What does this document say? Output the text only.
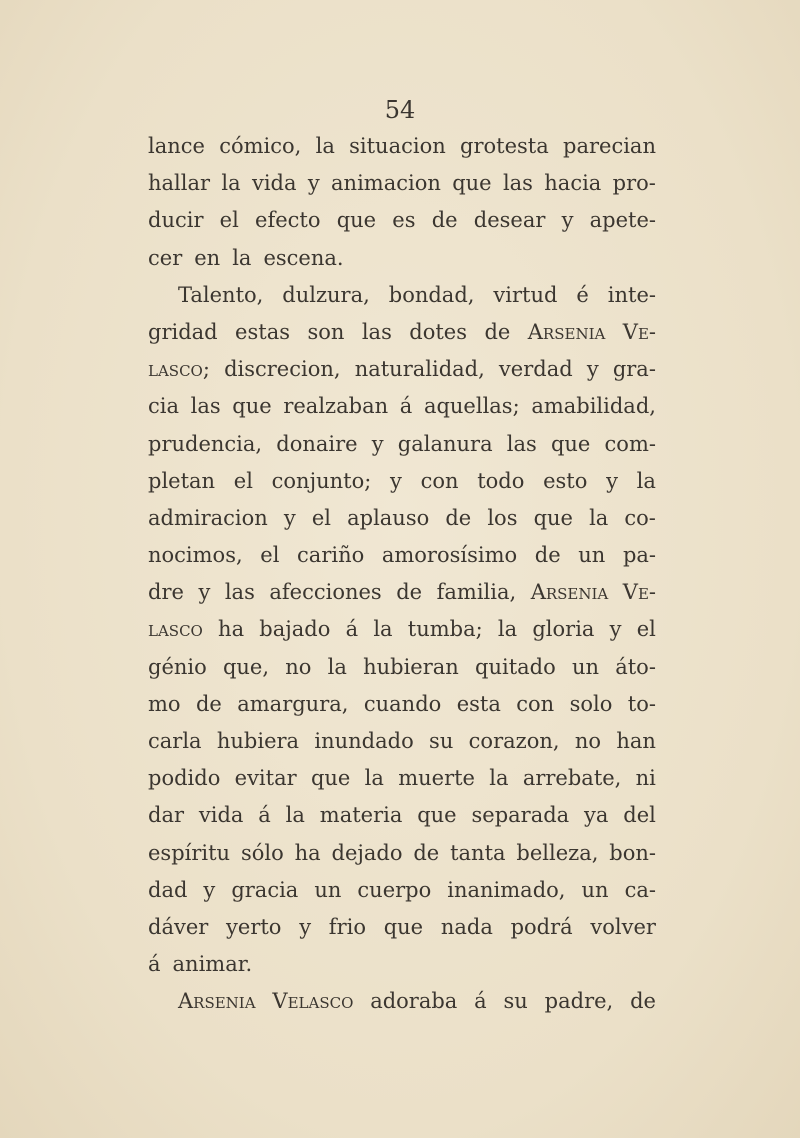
54
lance cómico, la situacion grotesta parecian
hallar la vida y animacion que las hacia pro-
ducir el efecto que es de desear y apete-
cer en la escena.
Talento, dulzura, bondad, virtud é inte-
gridad estas son las dotes de Arsenia Ve-
lasco; discrecion, naturalidad, verdad y gra-
cia las que realzaban á aquellas; amabilidad,
prudencia, donaire y galanura las que com-
pletan el conjunto; y con todo esto y la
admiracion y el aplauso de los que la co-
nocimos, el cariño amorosísimo de un pa-
dre y las afecciones de familia, Arsenia Ve-
lasco ha bajado á la tumba; la gloria y el
génio que, no la hubieran quitado un áto-
mo de amargura, cuando esta con solo to-
carla hubiera inundado su corazon, no han
podido evitar que la muerte la arrebate, ni
dar vida á la materia que separada ya del
espíritu sólo ha dejado de tanta belleza, bon-
dad y gracia un cuerpo inanimado, un ca-
dáver yerto y frio que nada podrá volver
á animar.
Arsenia Velasco adoraba á su padre, de
